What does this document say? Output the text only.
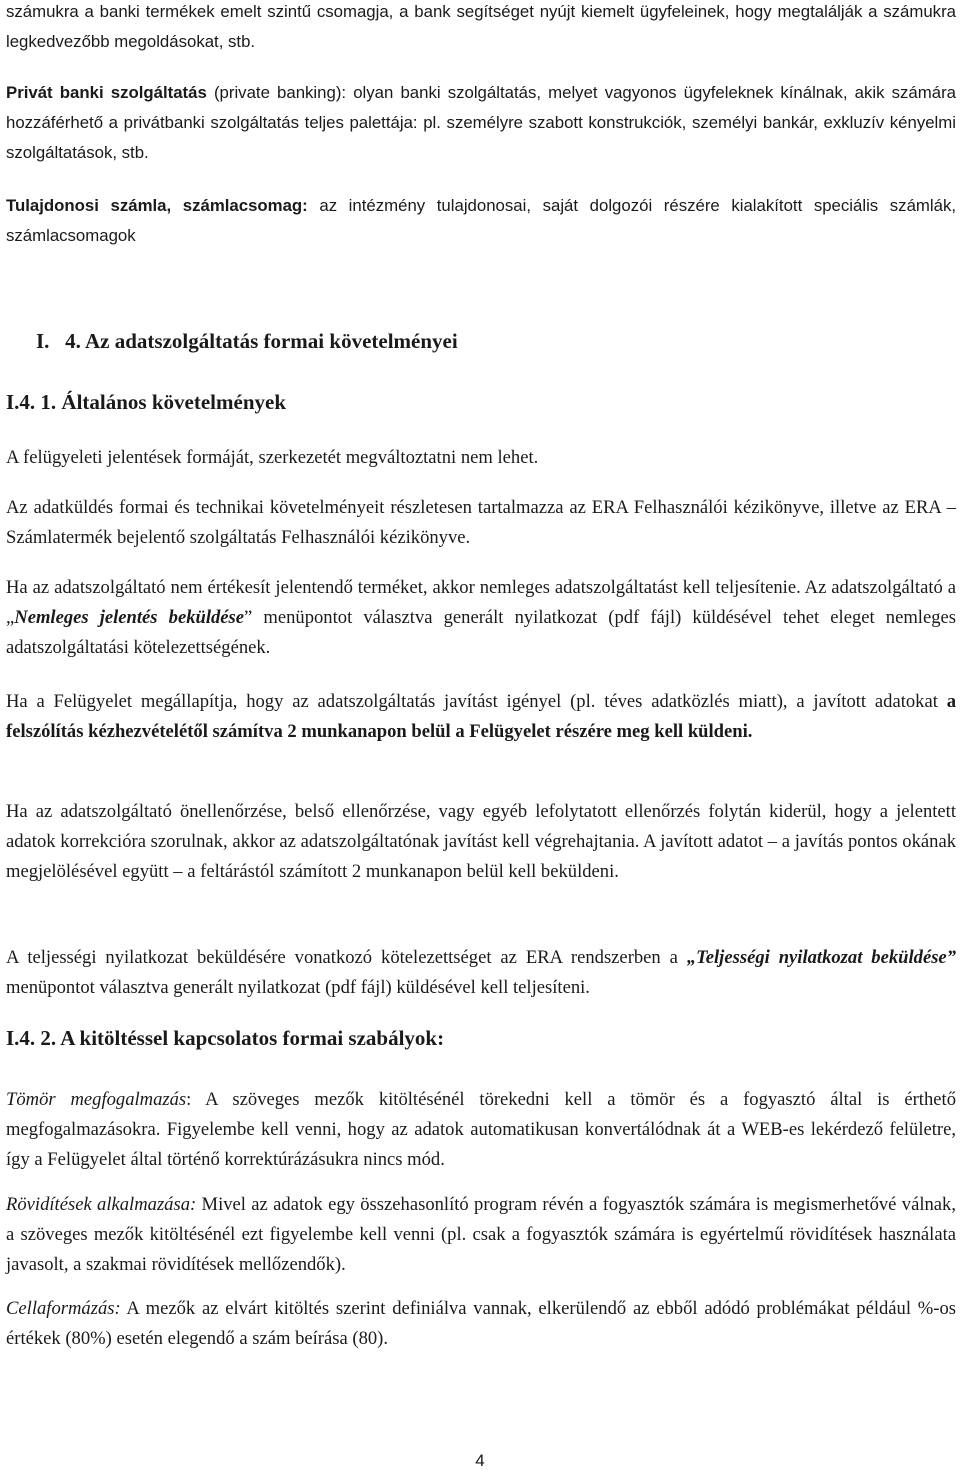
számukra a banki termékek emelt szintű csomagja, a bank segítséget nyújt kiemelt ügyfeleinek, hogy megtalálják a számukra legkedvezőbb megoldásokat, stb.

Privát banki szolgáltatás (private banking): olyan banki szolgáltatás, melyet vagyonos ügyfeleknek kínálnak, akik számára hozzáférhető a privátbanki szolgáltatás teljes palettája: pl. személyre szabott konstrukciók, személyi bankár, exkluzív kényelmi szolgáltatások, stb.

Tulajdonosi számla, számlacsomag: az intézmény tulajdonosai, saját dolgozói részére kialakított speciális számlák, számlacsomagok

I.   4. Az adatszolgáltatás formai követelményei
I.4. 1. Általános követelmények

A felügyeleti jelentések formáját, szerkezetét megváltoztatni nem lehet.

Az adatküldés formai és technikai követelményeit részletesen tartalmazza az ERA Felhasználói kézikönyve, illetve az ERA –Számlatermék bejelentő szolgáltatás Felhasználói kézikönyve.

Ha az adatszolgáltató nem értékesít jelentendő terméket, akkor nemleges adatszolgáltatást kell teljesítenie. Az adatszolgáltató a „Nemleges jelentés beküldése” menüpontot választva generált nyilatkozat (pdf fájl) küldésével tehet eleget nemleges adatszolgáltatási kötelezettségének.

Ha a Felügyelet megállapítja, hogy az adatszolgáltatás javítást igényel (pl. téves adatközlés miatt), a javított adatokat a felszólítás kézhezvételétől számítva 2 munkanapon belül a Felügyelet részére meg kell küldeni.

Ha az adatszolgáltató önellenőrzése, belső ellenőrzése, vagy egyéb lefolytatott ellenőrzés folytán kiderül, hogy a jelentett adatok korrekcióra szorulnak, akkor az adatszolgáltatónak javítást kell végrehajtania. A javított adatot – a javítás pontos okának megjelölésével együtt – a feltárástól számított 2 munkanapon belül kell beküldeni.

A teljességi nyilatkozat beküldésére vonatkozó kötelezettséget az ERA rendszerben a „Teljességi nyilatkozat beküldése” menüpontot választva generált nyilatkozat (pdf fájl) küldésével kell teljesíteni.

I.4. 2. A kitöltéssel kapcsolatos formai szabályok:

Tömör megfogalmazás: A szöveges mezők kitöltésénél törekedni kell a tömör és a fogyasztó által is érthető megfogalmazásokra. Figyelembe kell venni, hogy az adatok automatikusan konvertálódnak át a WEB-es lekérdező felületre, így a Felügyelet által történő korrektúrázásukra nincs mód.

Rövidítések alkalmazása: Mivel az adatok egy összehasonlító program révén a fogyasztók számára is megismerhetővé válnak, a szöveges mezők kitöltésénél ezt figyelembe kell venni (pl. csak a fogyasztók számára is egyértelmű rövidítések használata javasolt, a szakmai rövidítések mellőzendők).

Cellaformázás: A mezők az elvárt kitöltés szerint definiálva vannak, elkerülendő az ebből adódó problémákat például %-os értékek (80%) esetén elegendő a szám beírása (80).

4
